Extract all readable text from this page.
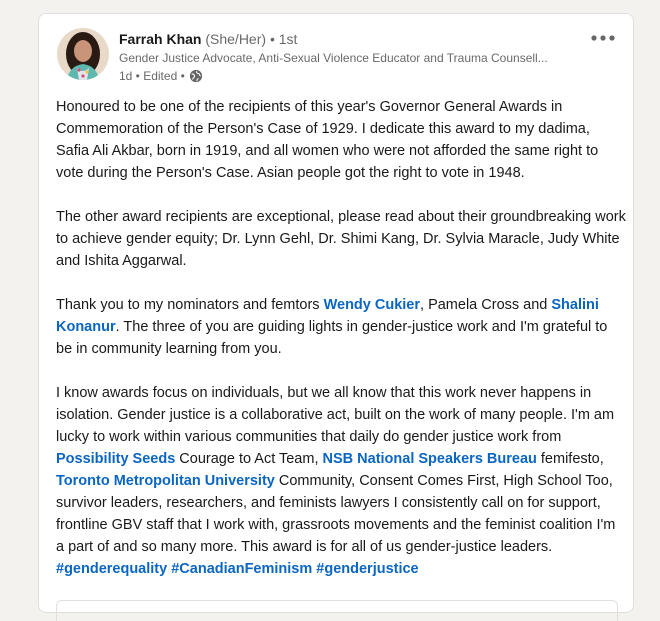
Farrah Khan (She/Her) • 1st
Gender Justice Advocate, Anti-Sexual Violence Educator and Trauma Counsell...
1d • Edited •

Honoured to be one of the recipients of this year's Governor General Awards in Commemoration of the Person's Case of 1929. I dedicate this award to my dadima, Safia Ali Akbar, born in 1919, and all women who were not afforded the same right to vote during the Person's Case. Asian people got the right to vote in 1948.

The other award recipients are exceptional, please read about their groundbreaking work to achieve gender equity; Dr. Lynn Gehl, Dr. Shimi Kang, Dr. Sylvia Maracle, Judy White and Ishita Aggarwal.

Thank you to my nominators and femtors Wendy Cukier, Pamela Cross and Shalini Konanur. The three of you are guiding lights in gender-justice work and I'm grateful to be in community learning from you.

I know awards focus on individuals, but we all know that this work never happens in isolation. Gender justice is a collaborative act, built on the work of many people. I'm am lucky to work within various communities that daily do gender justice work from Possibility Seeds Courage to Act Team, NSB National Speakers Bureau femifesto, Toronto Metropolitan University Community, Consent Comes First, High School Too, survivor leaders, researchers, and feminists lawyers I consistently call on for support, frontline GBV staff that I work with, grassroots movements and the feminist coalition I'm a part of and so many more. This award is for all of us gender-justice leaders. #genderequality #CanadianFeminism #genderjustice
